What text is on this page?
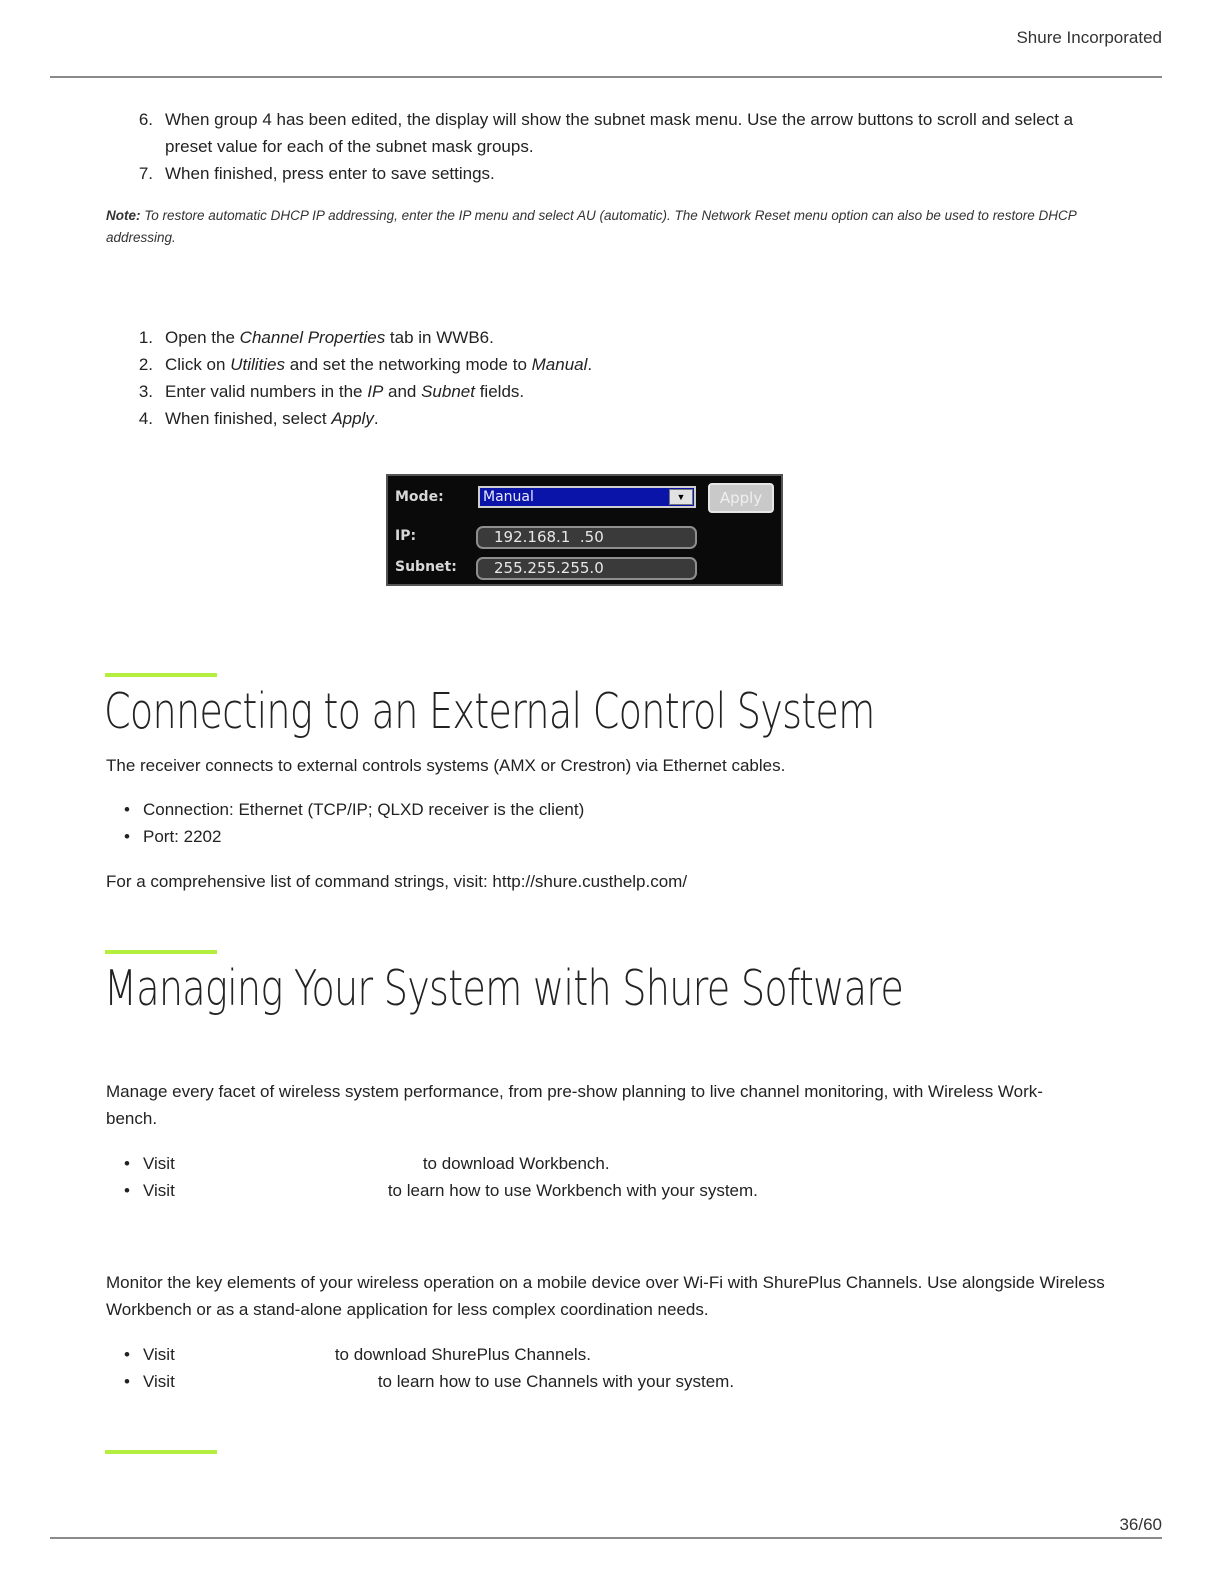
Shure Incorporated
6. When group 4 has been edited, the display will show the subnet mask menu. Use the arrow buttons to scroll and select a preset value for each of the subnet mask groups.
7. When finished, press enter to save settings.
Note: To restore automatic DHCP IP addressing, enter the IP menu and select AU (automatic). The Network Reset menu option can also be used to restore DHCP addressing.
1. Open the Channel Properties tab in WWB6.
2. Click on Utilities and set the networking mode to Manual.
3. Enter valid numbers in the IP and Subnet fields.
4. When finished, select Apply.
Mode:	Manual	▼	Apply
IP:	192.168.1  .50
Subnet:	255.255.255.0
Connecting to an External Control System

The receiver connects to external controls systems (AMX or Crestron) via Ethernet cables.

• Connection: Ethernet (TCP/IP; QLXD receiver is the client)
• Port: 2202

For a comprehensive list of command strings, visit: http://shure.custhelp.com/

Managing Your System with Shure Software

Manage every facet of wireless system performance, from pre-show planning to live channel monitoring, with Wireless Work-
bench.

• Visit	to download Workbench.
• Visit	to learn how to use Workbench with your system.

Monitor the key elements of your wireless operation on a mobile device over Wi-Fi with ShurePlus Channels. Use alongside Wireless Workbench or as a stand-alone application for less complex coordination needs.

• Visit	to download ShurePlus Channels.
• Visit	to learn how to use Channels with your system.
36/60
